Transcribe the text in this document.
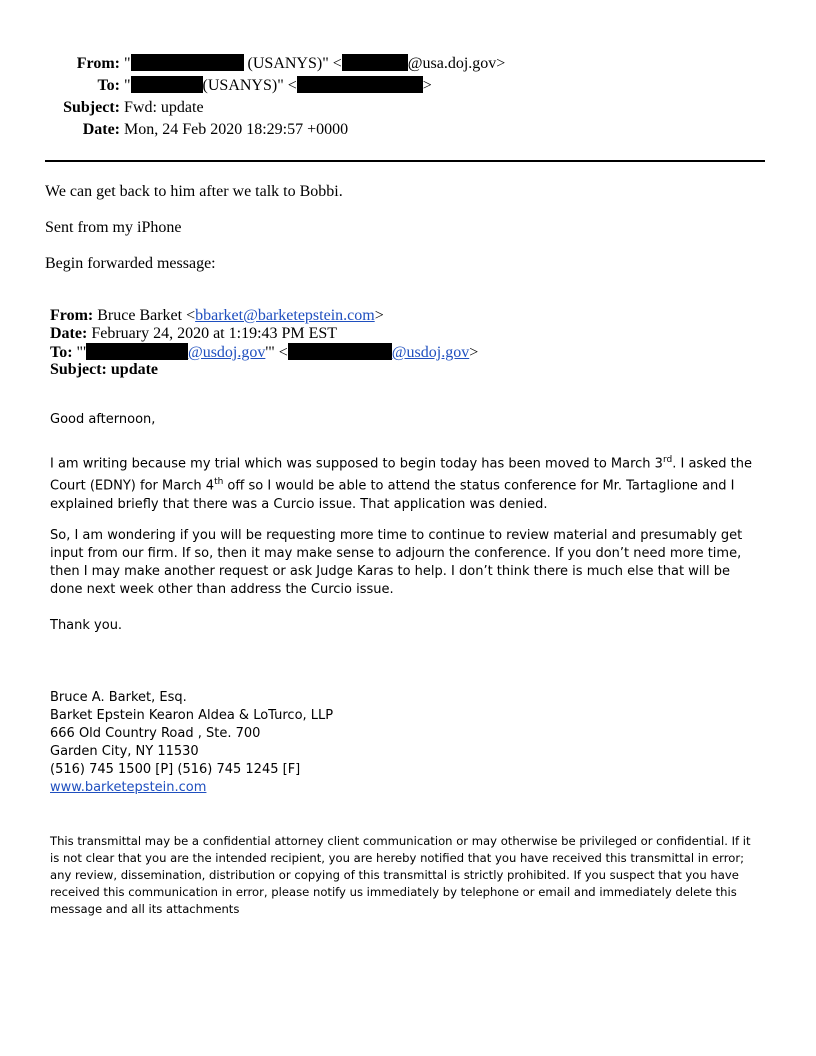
From: "	(USANYS)" <	@usa.doj.gov>
To: "	(USANYS)" <	>
Subject: Fwd: update
Date: Mon, 24 Feb 2020 18:29:57 +0000
We can get back to him after we talk to Bobbi.
Sent from my iPhone
Begin forwarded message:
From: Bruce Barket <bbarket@barketepstein.com>
Date: February 24, 2020 at 1:19:43 PM EST
To: "'	@usdoj.gov'" <	@usdoj.gov>
Subject: update
Good afternoon,
I am writing because my trial which was supposed to begin today has been moved to March 3rd. I asked the Court (EDNY) for March 4th off so I would be able to attend the status conference for Mr. Tartaglione and I explained briefly that there was a Curcio issue. That application was denied.
So, I am wondering if you will be requesting more time to continue to review material and presumably get input from our firm. If so, then it may make sense to adjourn the conference. If you don’t need more time, then I may make another request or ask Judge Karas to help. I don’t think there is much else that will be done next week other than address the Curcio issue.
Thank you.
Bruce A. Barket, Esq.
Barket Epstein Kearon Aldea & LoTurco, LLP
666 Old Country Road , Ste. 700
Garden City, NY 11530
(516) 745 1500 [P] (516) 745 1245 [F]
www.barketepstein.com
This transmittal may be a confidential attorney client communication or may otherwise be privileged or confidential. If it is not clear that you are the intended recipient, you are hereby notified that you have received this transmittal in error; any review, dissemination, distribution or copying of this transmittal is strictly prohibited. If you suspect that you have received this communication in error, please notify us immediately by telephone or email and immediately delete this message and all its attachments
